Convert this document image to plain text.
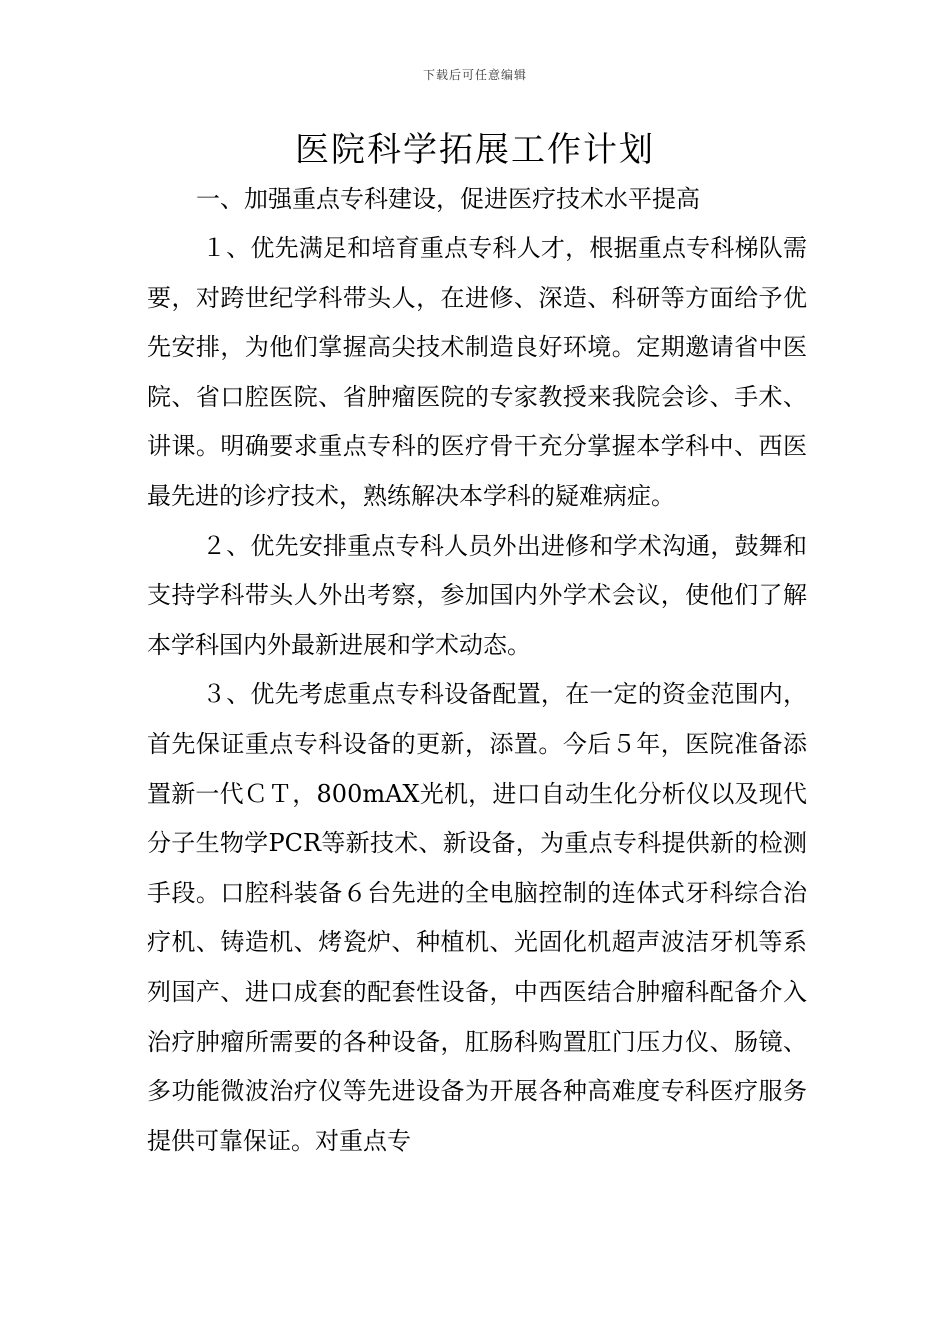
下载后可任意编辑
医院科学拓展工作计划

一、加强重点专科建设，促进医疗技术水平提高

１、优先满足和培育重点专科人才，根据重点专科梯队需要，对跨世纪学科带头人，在进修、深造、科研等方面给予优先安排，为他们掌握高尖技术制造良好环境。定期邀请省中医院、省口腔医院、省肿瘤医院的专家教授来我院会诊、手术、讲课。明确要求重点专科的医疗骨干充分掌握本学科中、西医最先进的诊疗技术，熟练解决本学科的疑难病症。

２、优先安排重点专科人员外出进修和学术沟通，鼓舞和支持学科带头人外出考察，参加国内外学术会议，使他们了解本学科国内外最新进展和学术动态。

３、优先考虑重点专科设备配置，在一定的资金范围内，首先保证重点专科设备的更新，添置。今后５年，医院准备添置新一代ＣＴ，800mAX光机，进口自动生化分析仪以及现代分子生物学PCR等新技术、新设备，为重点专科提供新的检测手段。口腔科装备６台先进的全电脑控制的连体式牙科综合治疗机、铸造机、烤瓷炉、种植机、光固化机超声波洁牙机等系列国产、进口成套的配套性设备，中西医结合肿瘤科配备介入治疗肿瘤所需要的各种设备，肛肠科购置肛门压力仪、肠镜、多功能微波治疗仪等先进设备为开展各种高难度专科医疗服务提供可靠保证。对重点专
